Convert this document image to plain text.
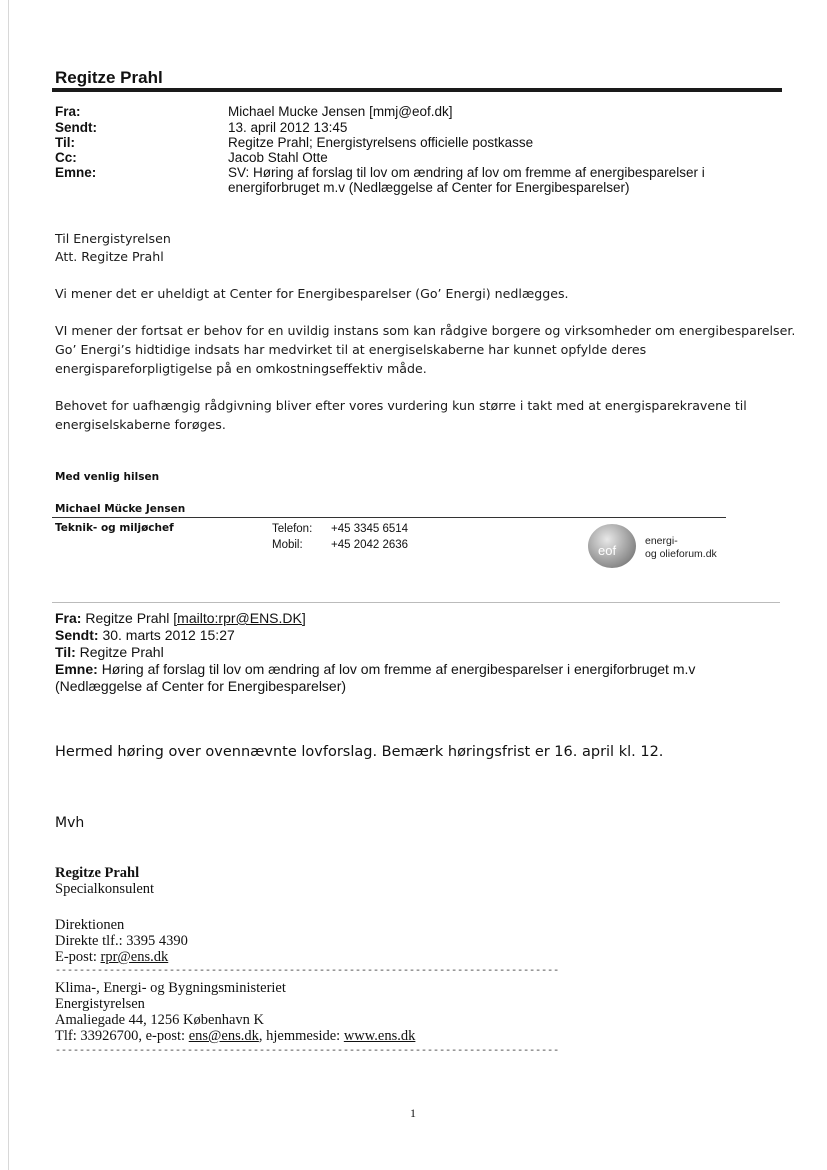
Regitze Prahl
Fra:	Michael Mucke Jensen [mmj@eof.dk]
Sendt:	13. april 2012 13:45
Til:	Regitze Prahl; Energistyrelsens officielle postkasse
Cc:	Jacob Stahl Otte
Emne:	SV: Høring af forslag til lov om ændring af lov om fremme af energibesparelser i
energiforbruget m.v (Nedlæggelse af Center for Energibesparelser)
Til Energistyrelsen
Att. Regitze Prahl
Vi mener det er uheldigt at Center for Energibesparelser (Go’ Energi) nedlægges.
VI mener der fortsat er behov for en uvildig instans som kan rådgive borgere og virksomheder om energibesparelser.
Go’ Energi’s hidtidige indsats har medvirket til at energiselskaberne har kunnet opfylde deres
energispareforpligtigelse på en omkostningseffektiv måde.
Behovet for uafhængig rådgivning bliver efter vores vurdering kun større i takt med at energisparekravene til
energiselskaberne forøges.
Med venlig hilsen
Michael Mücke Jensen
Teknik- og miljøchef	Telefon: +45 3345 6514
Mobil: +45 2042 2636	eof
energi-
og olieforum.dk
Fra: Regitze Prahl [mailto:rpr@ENS.DK]
Sendt: 30. marts 2012 15:27
Til: Regitze Prahl
Emne: Høring af forslag til lov om ændring af lov om fremme af energibesparelser i energiforbruget m.v
(Nedlæggelse af Center for Energibesparelser)
Hermed høring over ovennævnte lovforslag. Bemærk høringsfrist er 16. april kl. 12.
Mvh
Regitze Prahl
Specialkonsulent
Direktionen
Direkte tlf.: 3395 4390
E-post: rpr@ens.dk
------------------------------------------------------------------------------------
Klima-, Energi- og Bygningsministeriet
Energistyrelsen
Amaliegade 44, 1256 København K
Tlf: 33926700, e-post: ens@ens.dk, hjemmeside: www.ens.dk
------------------------------------------------------------------------------------
1
